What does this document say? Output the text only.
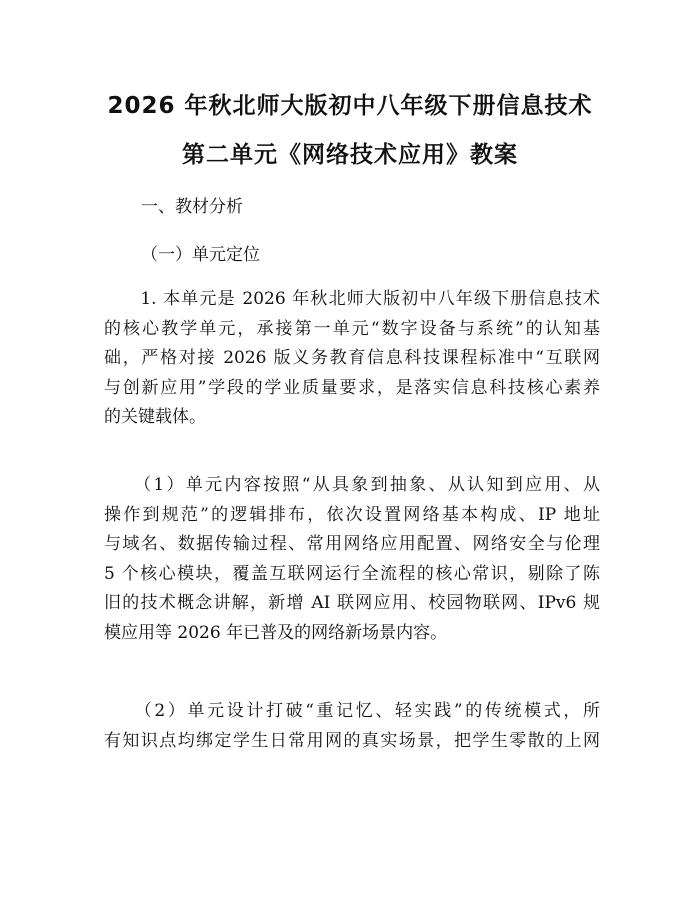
2026 年秋北师大版初中八年级下册信息技术
第二单元《网络技术应用》教案
一、教材分析
（一）单元定位
　　1. 本单元是 2026 年秋北师大版初中八年级下册信息技术
的核心教学单元，承接第一单元“数字设备与系统”的认知基
础，严格对接 2026 版义务教育信息科技课程标准中“互联网
与创新应用”学段的学业质量要求，是落实信息科技核心素养
的关键载体。
　　（1）单元内容按照“从具象到抽象、从认知到应用、从
操作到规范”的逻辑排布，依次设置网络基本构成、IP 地址
与域名、数据传输过程、常用网络应用配置、网络安全与伦理
5 个核心模块，覆盖互联网运行全流程的核心常识，剔除了陈
旧的技术概念讲解，新增 AI 联网应用、校园物联网、IPv6 规
模应用等 2026 年已普及的网络新场景内容。
　　（2）单元设计打破“重记忆、轻实践”的传统模式，所
有知识点均绑定学生日常用网的真实场景，把学生零散的上网
